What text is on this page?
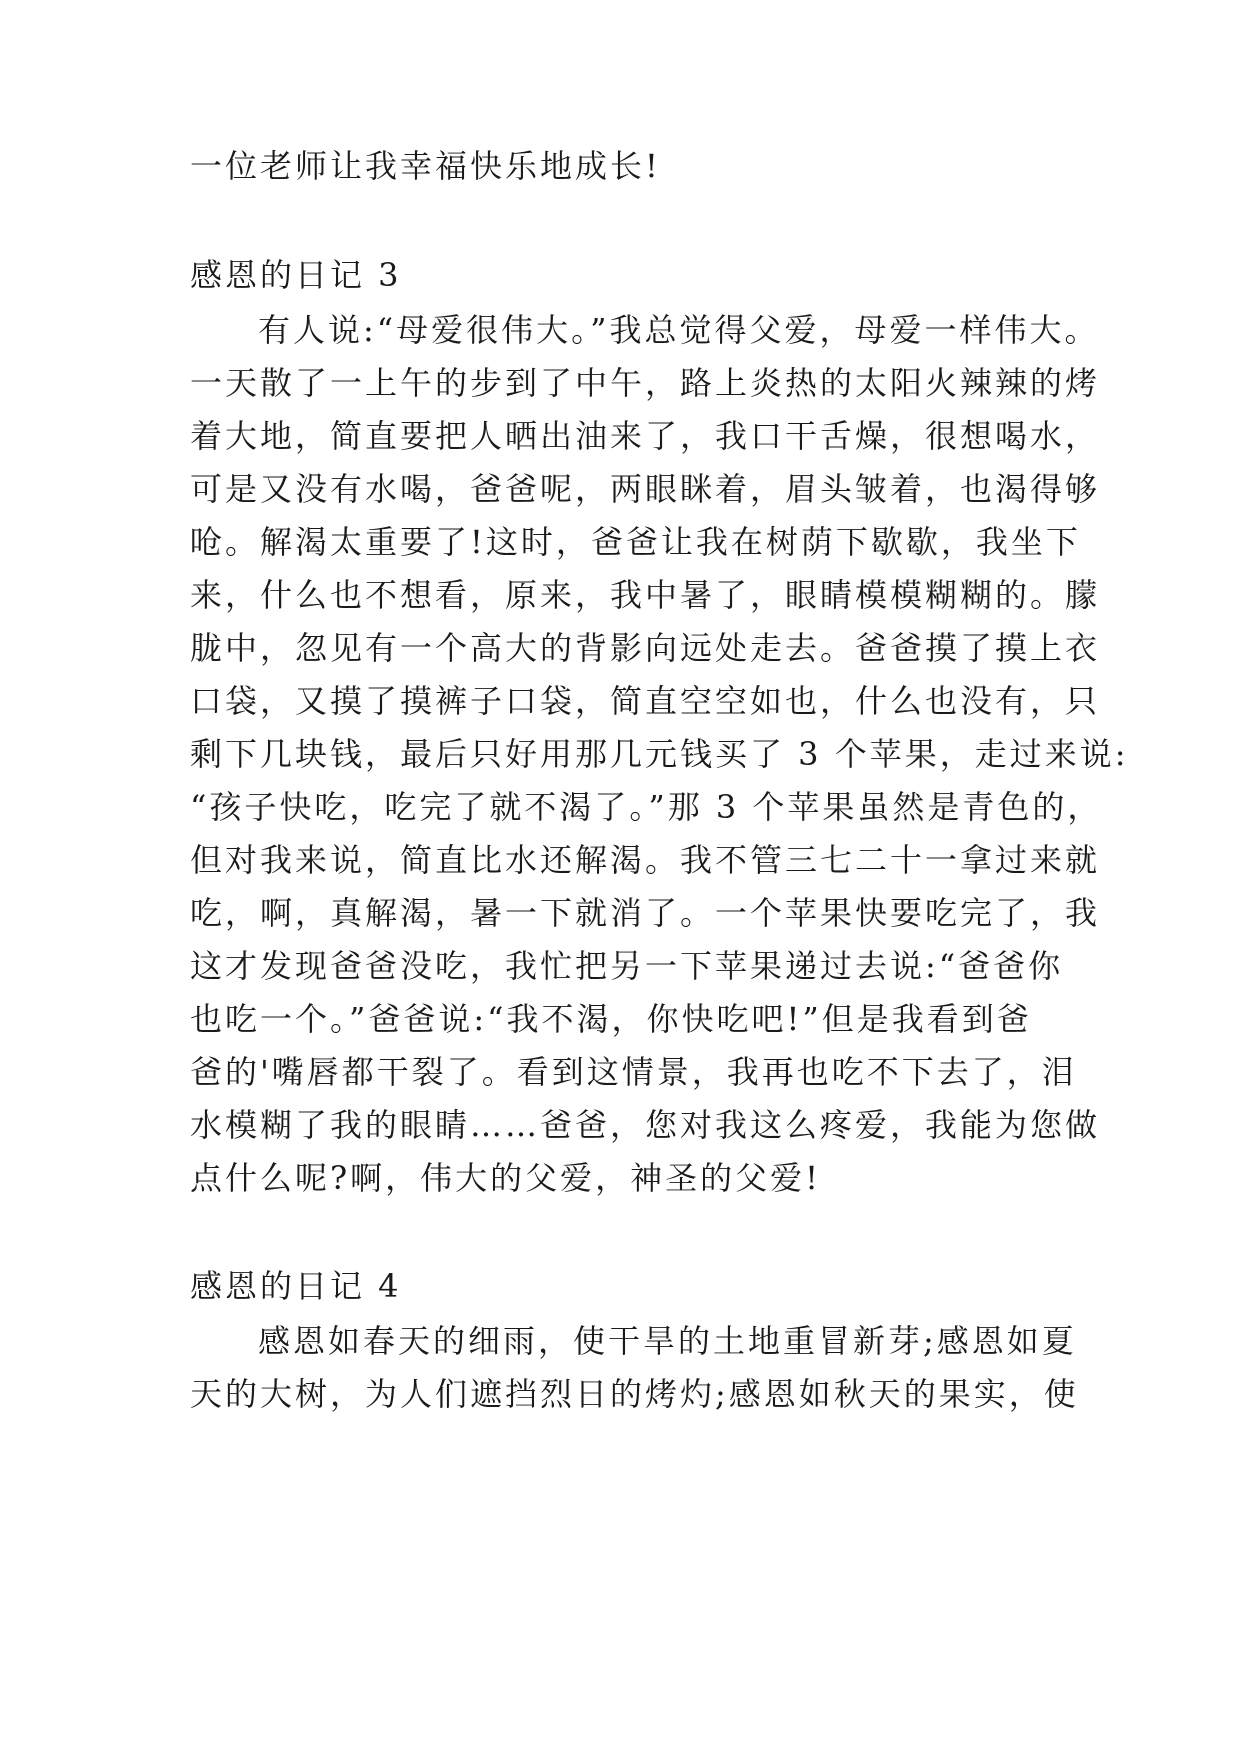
一位老师让我幸福快乐地成长!
感恩的日记 3
有人说:“母爱很伟大。”我总觉得父爱，母爱一样伟大。
一天散了一上午的步到了中午，路上炎热的太阳火辣辣的烤
着大地，简直要把人晒出油来了，我口干舌燥，很想喝水，
可是又没有水喝，爸爸呢，两眼眯着，眉头皱着，也渴得够
呛。解渴太重要了!这时，爸爸让我在树荫下歇歇，我坐下
来，什么也不想看，原来，我中暑了，眼睛模模糊糊的。朦
胧中，忽见有一个高大的背影向远处走去。爸爸摸了摸上衣
口袋，又摸了摸裤子口袋，简直空空如也，什么也没有，只
剩下几块钱，最后只好用那几元钱买了 3 个苹果，走过来说:
“孩子快吃，吃完了就不渴了。”那 3 个苹果虽然是青色的，
但对我来说，简直比水还解渴。我不管三七二十一拿过来就
吃，啊，真解渴，暑一下就消了。一个苹果快要吃完了，我
这才发现爸爸没吃，我忙把另一下苹果递过去说:“爸爸你
也吃一个。”爸爸说:“我不渴，你快吃吧!”但是我看到爸
爸的'嘴唇都干裂了。看到这情景，我再也吃不下去了，泪
水模糊了我的眼睛……爸爸，您对我这么疼爱，我能为您做
点什么呢?啊，伟大的父爱，神圣的父爱!
感恩的日记 4
感恩如春天的细雨，使干旱的土地重冒新芽;感恩如夏
天的大树，为人们遮挡烈日的烤灼;感恩如秋天的果实，使
